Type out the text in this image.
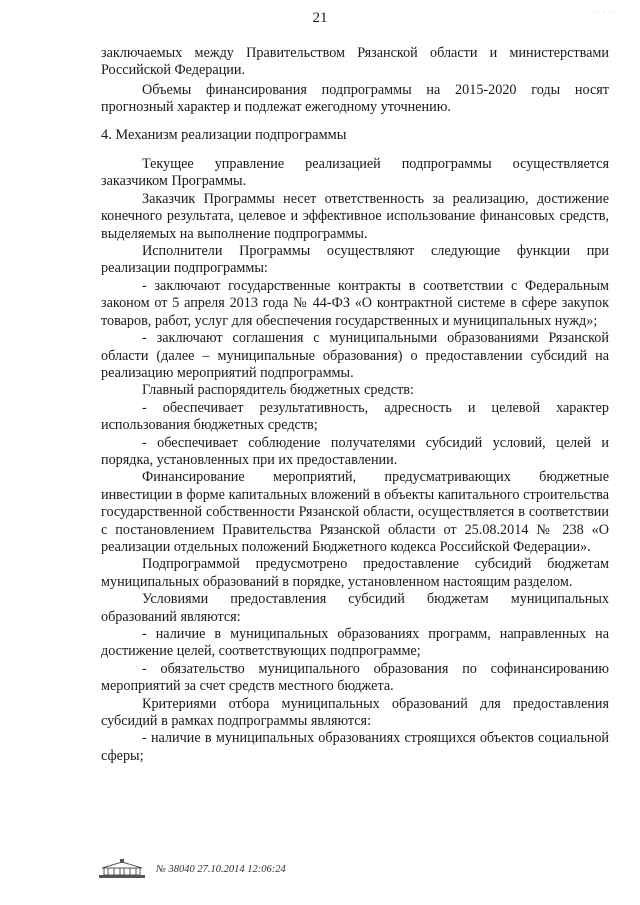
21	. . . . .

заключаемых между Правительством Рязанской области и министерствами Российской Федерации.

Объемы финансирования подпрограммы на 2015-2020 годы носят прогнозный характер и подлежат ежегодному уточнению.

4. Механизм реализации подпрограммы

Текущее управление реализацией подпрограммы осуществляется заказчиком Программы.

Заказчик Программы несет ответственность за реализацию, достижение конечного результата, целевое и эффективное использование финансовых средств, выделяемых на выполнение подпрограммы.

Исполнители Программы осуществляют следующие функции при реализации подпрограммы:

- заключают государственные контракты в соответствии с Федеральным законом от 5 апреля 2013 года № 44-ФЗ «О контрактной системе в сфере закупок товаров, работ, услуг для обеспечения государственных и муниципальных нужд»;

- заключают соглашения с муниципальными образованиями Рязанской области (далее – муниципальные образования) о предоставлении субсидий на реализацию мероприятий подпрограммы.

Главный распорядитель бюджетных средств:

- обеспечивает результативность, адресность и целевой характер использования бюджетных средств;

- обеспечивает соблюдение получателями субсидий условий, целей и порядка, установленных при их предоставлении.

Финансирование мероприятий, предусматривающих бюджетные инвестиции в форме капитальных вложений в объекты капитального строительства государственной собственности Рязанской области, осуществляется в соответствии с постановлением Правительства Рязанской области от 25.08.2014 № 238 «О реализации отдельных положений Бюджетного кодекса Российской Федерации».

Подпрограммой предусмотрено предоставление субсидий бюджетам муниципальных образований в порядке, установленном настоящим разделом.

Условиями предоставления субсидий бюджетам муниципальных образований являются:

- наличие в муниципальных образованиях программ, направленных на достижение целей, соответствующих подпрограмме;

- обязательство муниципального образования по софинансированию мероприятий за счет средств местного бюджета.

Критериями отбора муниципальных образований для предоставления субсидий в рамках подпрограммы являются:

- наличие в муниципальных образованиях строящихся объектов социальной сферы;

№ 38040 27.10.2014 12:06:24
